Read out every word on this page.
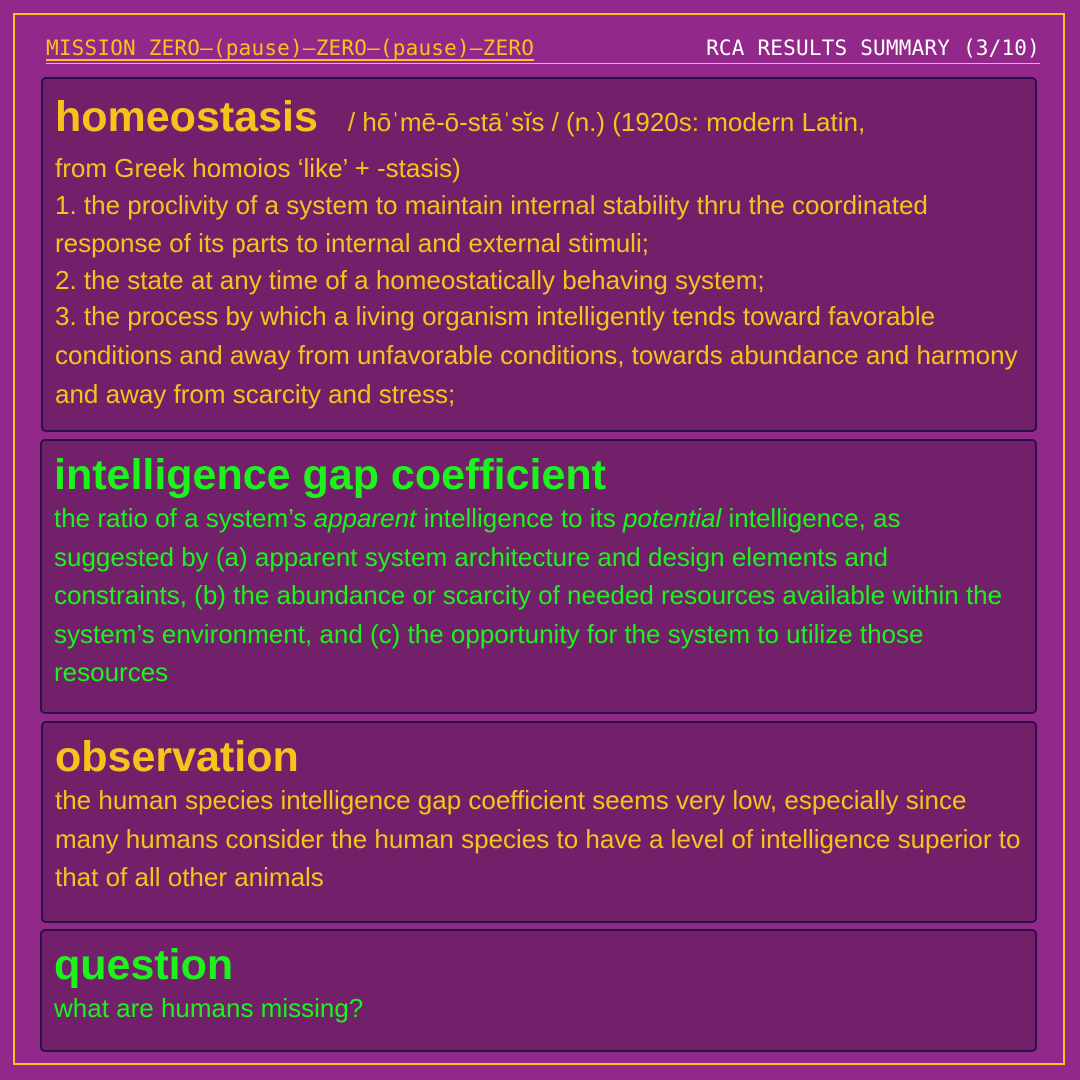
MISSION ZERO–(pause)–ZERO–(pause)–ZERO	RCA RESULTS SUMMARY (3/10)
homeostasis / hōˈmē-ō-stāˈsĭs / (n.) (1920s: modern Latin,
from Greek homoios ‘like’ + -stasis)
1. the proclivity of a system to maintain internal stability thru the coordinated response of its parts to internal and external stimuli;
2. the state at any time of a homeostatically behaving system;
3. the process by which a living organism intelligently tends toward favorable conditions and away from unfavorable conditions, towards abundance and harmony and away from scarcity and stress;
intelligence gap coefficient
the ratio of a system’s apparent intelligence to its potential intelligence, as suggested by (a) apparent system architecture and design elements and constraints, (b) the abundance or scarcity of needed resources available within the system’s environment, and (c) the opportunity for the system to utilize those resources
observation
the human species intelligence gap coefficient seems very low, especially since many humans consider the human species to have a level of intelligence superior to that of all other animals
question
what are humans missing?
